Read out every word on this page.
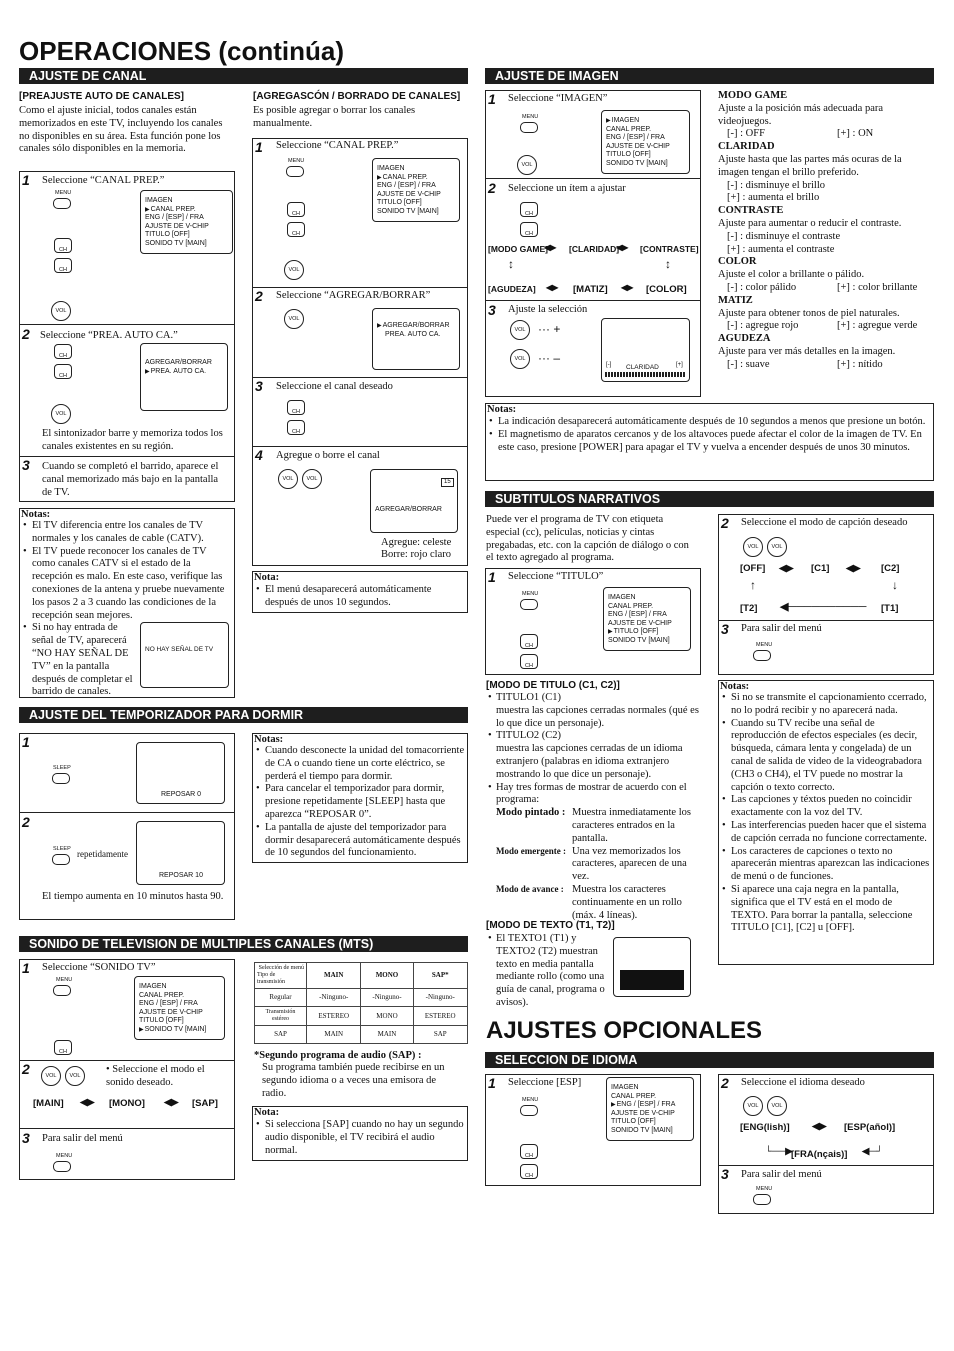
OPERACIONES (continúa)
AJUSTE DE CANAL
[PREAJUSTE AUTO DE CANALES]
Como el ajuste inicial, todos canales están memorizados en este TV, incluyendo los canales no disponibles en su área. Esta función pone los canales sólo disponibles en la memoria.
1 Seleccione “CANAL PREP.”
MENU
CH
CH
VOL
IMAGEN
▶ CANAL PREP.
ENG / [ESP] / FRA
AJUSTE DE V-CHIP
TITULO [OFF]
SONIDO TV [MAIN]
2 Seleccione “PREA. AUTO CA.”
CH
CH
VOL
AGREGAR/BORRAR
▶ PREA. AUTO CA.
El sintonizador barre y memoriza todos los canales existentes en su región.
3 Cuando se completó el barrido, aparece el canal memorizado más bajo en la pantalla de TV.
Notas:
• El TV diferencia entre los canales de TV normales y los canales de cable (CATV).
• El TV puede reconocer los canales de TV como canales CATV si el estado de la recepción es malo. En este caso, verifique las conexiones de la antena y pruebe nuevamente los pasos 2 a 3 cuando las condiciones de la recepción sean mejores.
• Si no hay entrada de señal de TV, aparecerá “NO HAY SEÑAL DE TV” en la pantalla después de completar el barrido de canales.
NO HAY SEÑAL DE TV
[AGREGASCÓN / BORRADO DE CANALES]
Es posible agregar o borrar los canales manualmente.
1 Seleccione “CANAL PREP.”
MENU
CH
CH
VOL
IMAGEN
▶ CANAL PREP.
ENG / [ESP] / FRA
AJUSTE DE V-CHIP
TITULO [OFF]
SONIDO TV [MAIN]
2 Seleccione “AGREGAR/BORRAR”
VOL
▶ AGREGAR/BORRAR
PREA. AUTO CA.
3 Seleccione el canal deseado
CH
CH
4 Agregue o borre el canal
VOL	VOL
AGREGAR/BORRAR
15
Agregue: celeste
Borre: rojo claro
Nota:
• El menú desaparecerá automáticamente después de unos 10 segundos.
AJUSTE DEL TEMPORIZADOR PARA DORMIR
1
SLEEP
REPOSAR 0
2
SLEEP repetidamente
REPOSAR 10
El tiempo aumenta en 10 minutos hasta 90.
Notas:
• Cuando desconecte la unidad del tomacorriente de CA o cuando tiene un corte eléctrico, se perderá el tiempo para dormir.
• Para cancelar el temporizador para dormir, presione repetidamente [SLEEP] hasta que aparezca “REPOSAR 0”.
• La pantalla de ajuste del temporizador para dormir desaparecerá automáticamente después de 10 segundos del funcionamiento.
SONIDO DE TELEVISION DE MULTIPLES CANALES (MTS)
1 Seleccione “SONIDO TV”
MENU
CH
IMAGEN
CANAL PREP.
ENG / [ESP] / FRA
AJUSTE DE V-CHIP
TITULO [OFF]
▶ SONIDO TV [MAIN]
2	VOL	VOL
• Seleccione el modo el sonido deseado.
[MAIN] ◀▶ [MONO] ◀▶ [SAP]
3 Para salir del menú
MENU
Selección de menú
Tipo de transmisión	MAIN	MONO	SAP*
Regular	-Ninguno-	-Ninguno-	-Ninguno-
Transmisión estéreo	ESTEREO	MONO	ESTEREO
SAP	MAIN	MAIN	SAP
*Segundo programa de audio (SAP) :
Su programa también puede recibirse en un segundo idioma o a veces una emisora de radio.
Nota:
• Si selecciona [SAP] cuando no hay un segundo audio disponible, el TV recibirá el audio normal.
AJUSTE DE IMAGEN
1 Seleccione “IMAGEN”
MENU
VOL
▶ IMAGEN
CANAL PREP.
ENG / [ESP] / FRA
AJUSTE DE V-CHIP
TITULO [OFF]
SONIDO TV [MAIN]
2 Seleccione un ítem a ajustar
CH
CH
[MODO GAME]
◀▶ [CLARIDAD]
◀▶ [CONTRASTE]
↕	↕
[AGUDEZA] ◀▶ [MATIZ] ◀▶ [COLOR]
3 Ajuste la selección
VOL	··· +
VOL	··· –	[-] CLARIDAD	[+]
MODO GAME
Ajuste a la posición más adecuada para videojuegos.
[-] : OFF	[+] : ON
CLARIDAD
Ajuste hasta que las partes más ocuras de la imagen tengan el brillo preferido.
[-] : disminuye el brillo
[+] : aumenta el brillo
CONTRASTE
Ajuste para aumentar o reducir el contraste.
[-] : disminuye el contraste
[+] : aumenta el contraste
COLOR
Ajuste el color a brillante o pálido.
[-] : color pálido	[+] : color brillante
MATIZ
Ajuste para obtener tonos de piel naturales.
[-] : agregue rojo	[+] : agregue verde
AGUDEZA
Ajuste para ver más detalles en la imagen.
[-] : suave	[+] : nítido
Notas:
• La indicación desaparecerá automáticamente después de 10 segundos a menos que presione un botón.
• El magnetismo de aparatos cercanos y de los altavoces puede afectar el color de la imagen de TV. En este caso, presione [POWER] para apagar el TV y vuelva a encender después de unos 30 minutos.
SUBTITULOS NARRATIVOS
Puede ver el programa de TV con etiqueta especial (cc), películas, noticias y cintas pregabadas, etc. con la capción de diálogo o con el texto agregado al programa.
1 Seleccione “TITULO”
MENU
CH
CH
IMAGEN
CANAL PREP.
ENG / [ESP] / FRA
AJUSTE DE V-CHIP
▶ TITULO [OFF]
SONIDO TV [MAIN]
2 Seleccione el modo de capción deseado
VOL	VOL
[OFF] ◀▶ [C1] ◀▶ [C2]
↑	↓
[T2] ◀────────── [T1]
3 Para salir del menú
MENU
[MODO DE TITULO (C1, C2)]
• TITULO1 (C1)
muestra las capciones cerradas normales (qué es lo que dice un personaje).
• TITULO2 (C2)
muestra las capciones cerradas de un idioma extranjero (palabras en idioma extranjero mostrando lo que dice un personaje).
• Hay tres formas de mostrar de acuerdo con el programa:
Modo pintado : Muestra inmediatamente los caracteres entrados en la pantalla.
Modo emergente : Una vez memorizados los caracteres, aparecen de una vez.
Modo de avance : Muestra los caracteres continuamente en un rollo (máx. 4 líneas).
[MODO DE TEXTO (T1, T2)]
• El TEXTO1 (T1) y TEXTO2 (T2) muestran texto en media pantalla mediante rollo (como una guía de canal, programa o avisos).
Notas:
• Si no se transmite el capcionamiento ccerrado, no lo podrá recibir y no aparecerá nada.
• Cuando su TV recibe una señal de reproducción de efectos especiales (es decir, búsqueda, cámara lenta y congelada) de un canal de salida de video de la videograbadora (CH3 o CH4), el TV puede no mostrar la capción o texto correcto.
• Las capciones y téxtos pueden no coincidir exactamente con la voz del TV.
• Las interferencias pueden hacer que el sistema de capción cerrada no funcione correctamente.
• Los caracteres de capciones o texto no aparecerán mientras aparezcan las indicaciones de menú o de funciones.
• Si aparece una caja negra en la pantalla, significa que el TV está en el modo de TEXTO. Para borrar la pantalla, seleccione TITULO [C1], [C2] u [OFF].
AJUSTES OPCIONALES
SELECCION DE IDIOMA
1 Seleccione [ESP]
MENU
CH
CH
IMAGEN
CANAL PREP.
▶ ENG / [ESP] / FRA
AJUSTE DE V-CHIP
TITULO [OFF]
SONIDO TV [MAIN]
2 Seleccione el idioma deseado
VOL	VOL
[ENG(lish)] ◀▶ [ESP(añol)]
└──▶
[FRA(nçais)] ◀─┘
3 Para salir del menú
MENU
